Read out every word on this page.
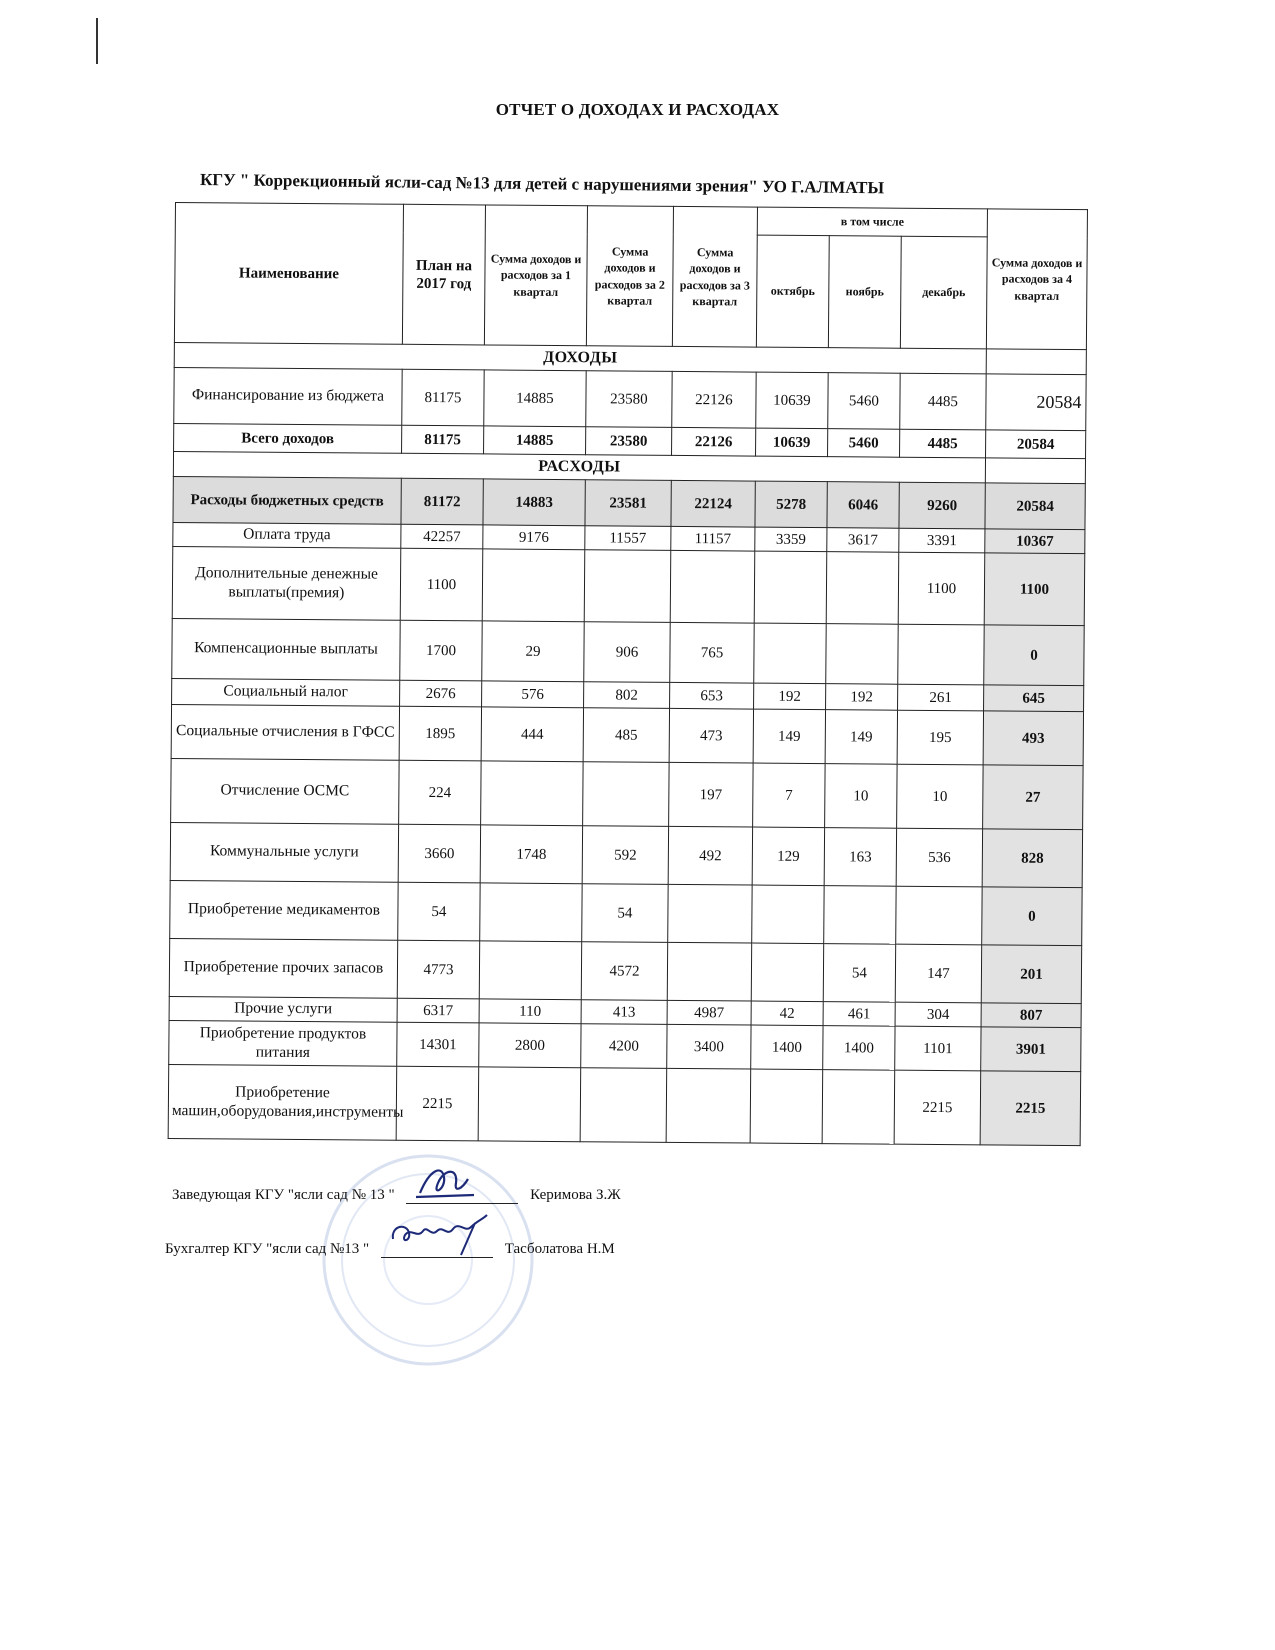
ОТЧЕТ О ДОХОДАХ И РАСХОДАХ
КГУ " Коррекционный ясли-сад №13 для детей с нарушениями зрения" УО Г.АЛМАТЫ
Наименование	План на 2017 год	Сумма доходов и расходов за 1 квартал	Сумма доходов и расходов за 2 квартал	Сумма доходов и расходов за 3 квартал	в том числе			Сумма доходов и расходов за 4 квартал
					октябрь	ноябрь	декабрь	
ДОХОДЫ								
Финансирование из бюджета	81175	14885	23580	22126	10639	5460	4485	20584
Всего доходов	81175	14885	23580	22126	10639	5460	4485	20584
РАСХОДЫ								
Расходы бюджетных средств	81172	14883	23581	22124	5278	6046	9260	20584
Оплата труда	42257	9176	11557	11157	3359	3617	3391	10367
Дополнительные денежные выплаты(премия)	1100						1100	1100
Компенсационные выплаты	1700	29	906	765				0
Социальный налог	2676	576	802	653	192	192	261	645
Социальные отчисления в ГФСС	1895	444	485	473	149	149	195	493
Отчисление ОСМС	224			197	7	10	10	27
Коммунальные услуги	3660	1748	592	492	129	163	536	828
Приобретение медикаментов	54		54					0
Приобретение прочих запасов	4773		4572			54	147	201
Прочие услуги	6317	110	413	4987	42	461	304	807
Приобретение продуктов питания	14301	2800	4200	3400	1400	1400	1101	3901
Приобретение машин,оборудования,инструменты	2215						2215	2215
Заведующая КГУ "ясли сад № 13 "	Керимова З.Ж
Бухгалтер КГУ "ясли сад №13 "	Тасболатова Н.М
